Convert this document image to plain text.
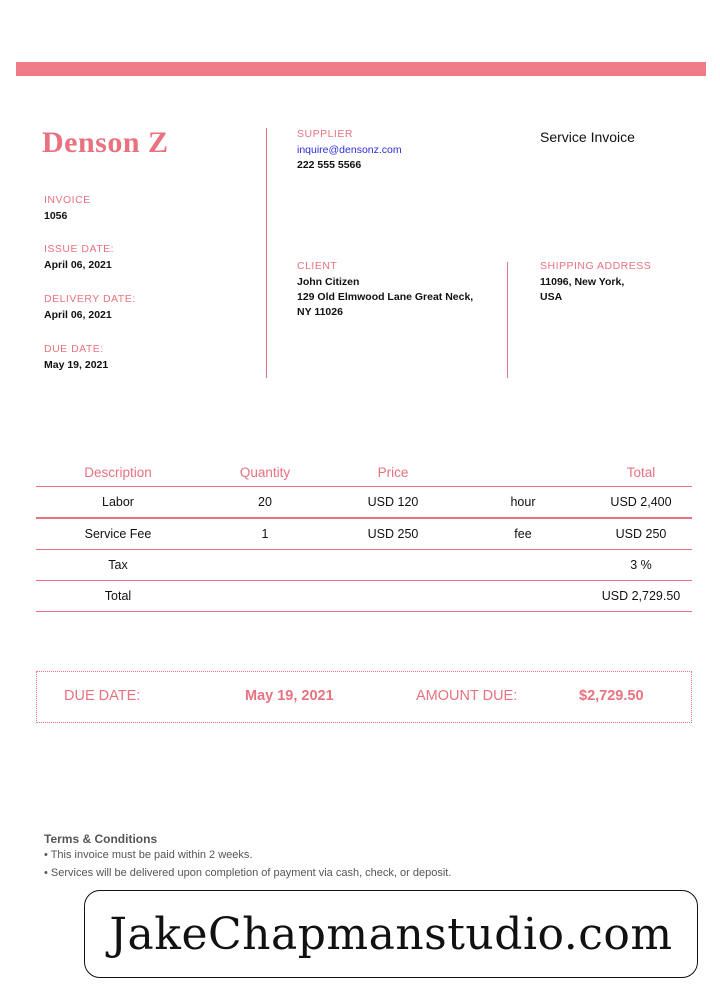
Denson Z
INVOICE
1056
ISSUE DATE:
April 06, 2021
DELIVERY DATE:
April 06, 2021
DUE DATE:
May 19, 2021
SUPPLIER
inquire@densonz.com
222 555 5566
Service Invoice
CLIENT
John Citizen
129 Old Elmwood Lane Great Neck,
NY 11026
SHIPPING ADDRESS
11096, New York,
USA
Description	Quantity	Price		Total
Labor	20	USD 120	hour	USD 2,400
Service Fee	1	USD 250	fee	USD 250
Tax				3 %
Total				USD 2,729.50
DUE DATE:	May 19, 2021	AMOUNT DUE:	$2,729.50
Terms & Conditions
• This invoice must be paid within 2 weeks.
• Services will be delivered upon completion of payment via cash, check, or deposit.
JakeChapmanstudio.com
